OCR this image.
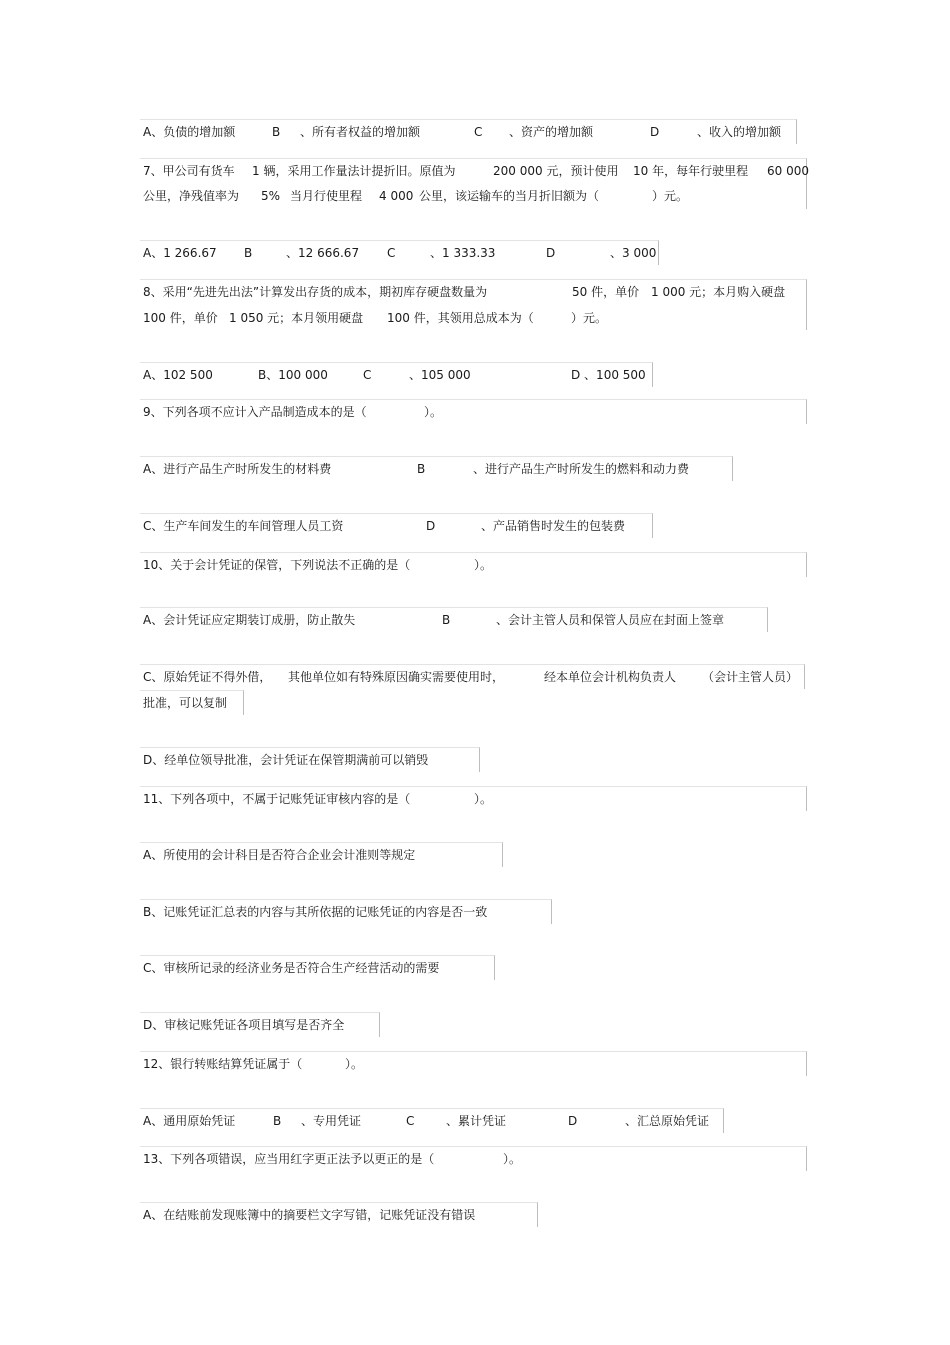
A、负债的增加额	B 、所有者权益的增加额	C 、资产的增加额	D	、收入的增加额
7、甲公司有货车 1 辆，采用工作量法计提折旧。原值为	200 000 元，预计使用 10 年，每年行驶里程 60 000
公里，净残值率为 5% 当月行使里程 4 000 公里，该运输车的当月折旧额为（	）元。
A、1 266.67 B	、12 666.67 C	、1 333.33	D	、3 000
8、采用“先进先出法”计算发出存货的成本，期初库存硬盘数量为	50 件，单价 1 000 元；本月购入硬盘
100 件，单价 1 050 元；本月领用硬盘 100 件，其领用总成本为（	）元。
A、102 500	B、100 000	C	、105 000	D 、100 500
9、下列各项不应计入产品制造成本的是（	）。
A、进行产品生产时所发生的材料费	B	、进行产品生产时所发生的燃料和动力费
C、生产车间发生的车间管理人员工资	D	、产品销售时发生的包装费
10、关于会计凭证的保管，下列说法不正确的是（	）。
A、会计凭证应定期装订成册，防止散失	B	、会计主管人员和保管人员应在封面上签章
C、原始凭证不得外借， 其他单位如有特殊原因确实需要使用时，	经本单位会计机构负责人 （会计主管人员）
批准，可以复制
D、经单位领导批准，会计凭证在保管期满前可以销毁
11、下列各项中，不属于记账凭证审核内容的是（	）。
A、所使用的会计科目是否符合企业会计准则等规定
B、记账凭证汇总表的内容与其所依据的记账凭证的内容是否一致
C、审核所记录的经济业务是否符合生产经营活动的需要
D、审核记账凭证各项目填写是否齐全
12、银行转账结算凭证属于（	）。
A、通用原始凭证	B 、专用凭证	C	、累计凭证	D	、汇总原始凭证
13、下列各项错误，应当用红字更正法予以更正的是（	）。
A、在结账前发现账簿中的摘要栏文字写错，记账凭证没有错误
